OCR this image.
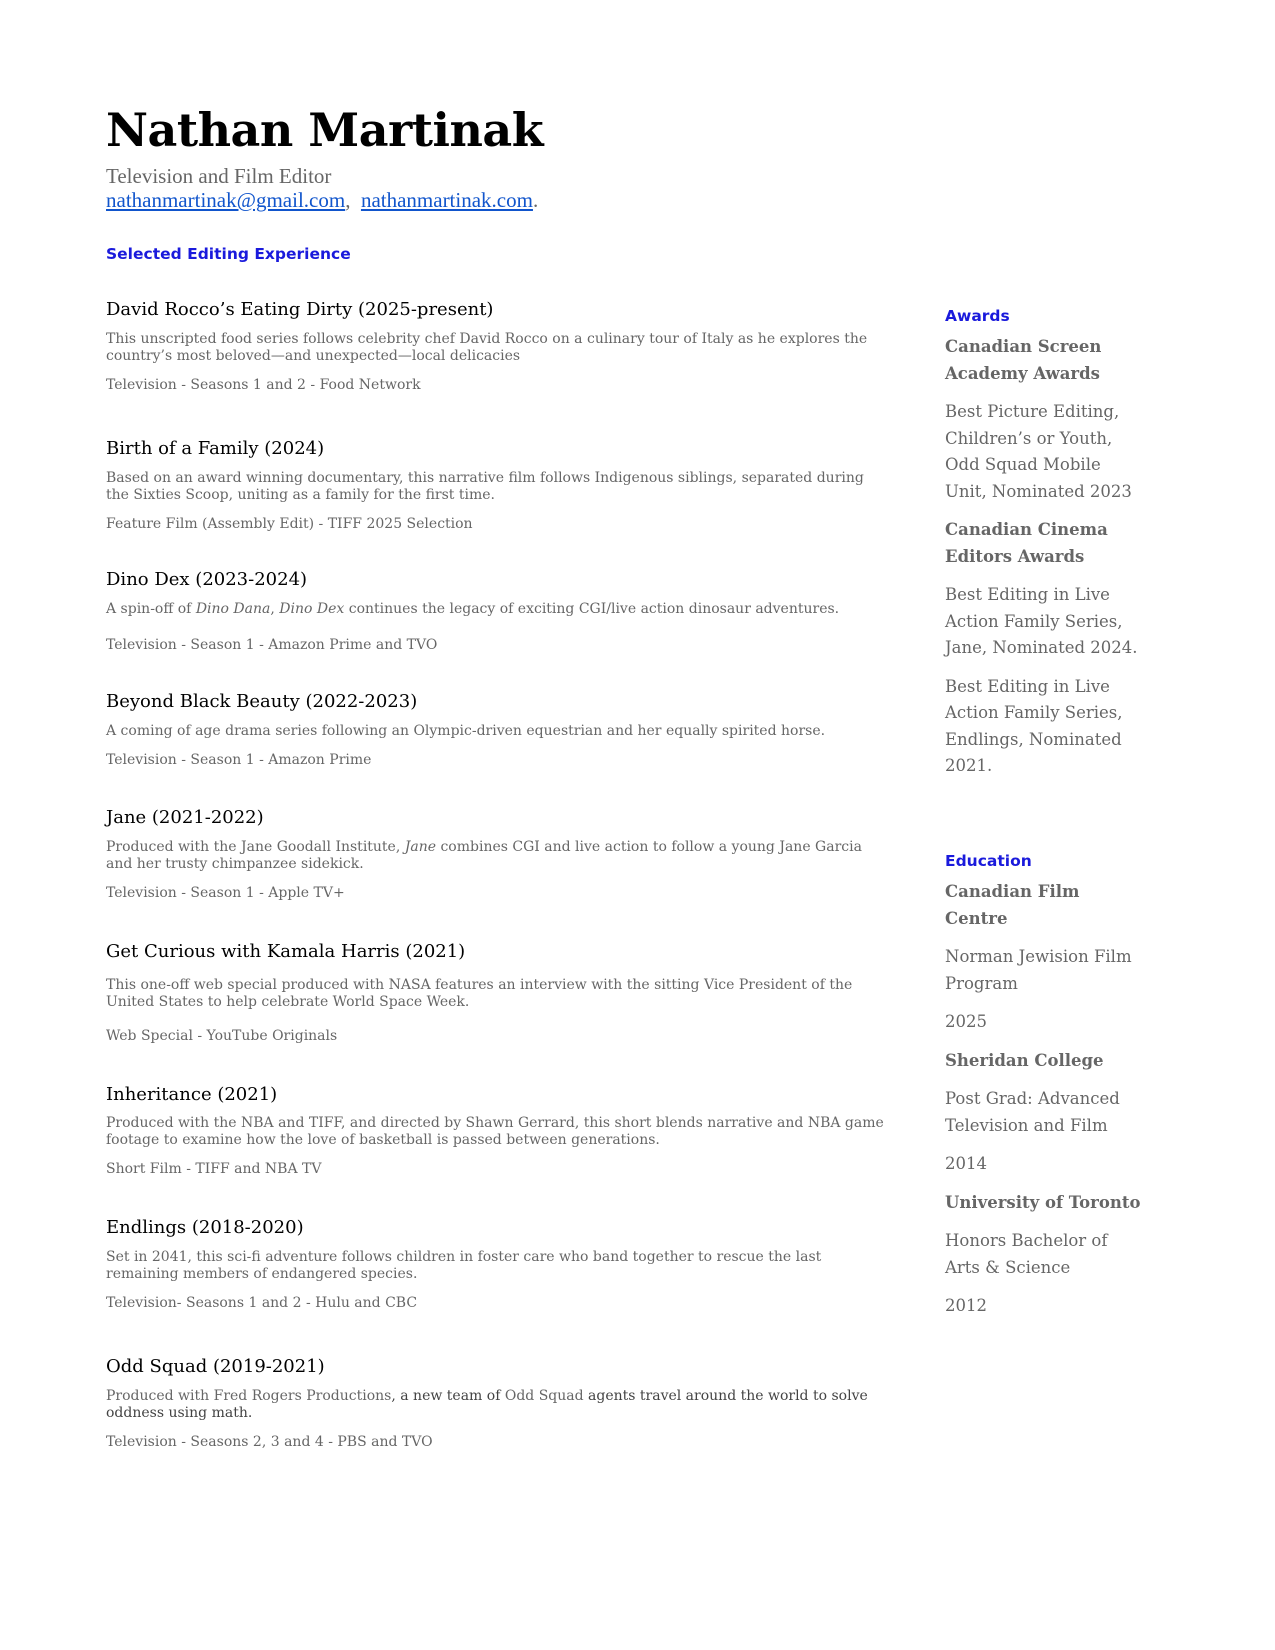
Nathan Martinak
Television and Film Editor
nathanmartinak@gmail.com, nathanmartinak.com.
Selected Editing Experience
David Rocco’s Eating Dirty (2025-present)
This unscripted food series follows celebrity chef David Rocco on a culinary tour of Italy as he explores the country’s most beloved—and unexpected—local delicacies
Television - Seasons 1 and 2 - Food Network
Birth of a Family (2024)
Based on an award winning documentary, this narrative film follows Indigenous siblings, separated during the Sixties Scoop, uniting as a family for the first time.
Feature Film (Assembly Edit) - TIFF 2025 Selection
Dino Dex (2023-2024)
A spin-off of Dino Dana, Dino Dex continues the legacy of exciting CGI/live action dinosaur adventures.
Television - Season 1 - Amazon Prime and TVO
Beyond Black Beauty (2022-2023)
A coming of age drama series following an Olympic-driven equestrian and her equally spirited horse.
Television - Season 1 - Amazon Prime
Jane (2021-2022)
Produced with the Jane Goodall Institute, Jane combines CGI and live action to follow a young Jane Garcia and her trusty chimpanzee sidekick.
Television - Season 1 - Apple TV+
Get Curious with Kamala Harris (2021)
This one-off web special produced with NASA features an interview with the sitting Vice President of the United States to help celebrate World Space Week.
Web Special - YouTube Originals
Inheritance (2021)
Produced with the NBA and TIFF, and directed by Shawn Gerrard, this short blends narrative and NBA game footage to examine how the love of basketball is passed between generations.
Short Film - TIFF and NBA TV
Endlings (2018-2020)
Set in 2041, this sci-fi adventure follows children in foster care who band together to rescue the last remaining members of endangered species.
Television- Seasons 1 and 2 - Hulu and CBC
Odd Squad (2019-2021)
Produced with Fred Rogers Productions, a new team of Odd Squad agents travel around the world to solve oddness using math.
Television - Seasons 2, 3 and 4 - PBS and TVO
Awards
Canadian Screen Academy Awards
Best Picture Editing, Children’s or Youth, Odd Squad Mobile Unit, Nominated 2023
Canadian Cinema Editors Awards
Best Editing in Live Action Family Series, Jane, Nominated 2024.
Best Editing in Live Action Family Series, Endlings, Nominated 2021.
Education
Canadian Film Centre
Norman Jewision Film Program
2025
Sheridan College
Post Grad: Advanced Television and Film
2014
University of Toronto
Honors Bachelor of Arts & Science
2012
